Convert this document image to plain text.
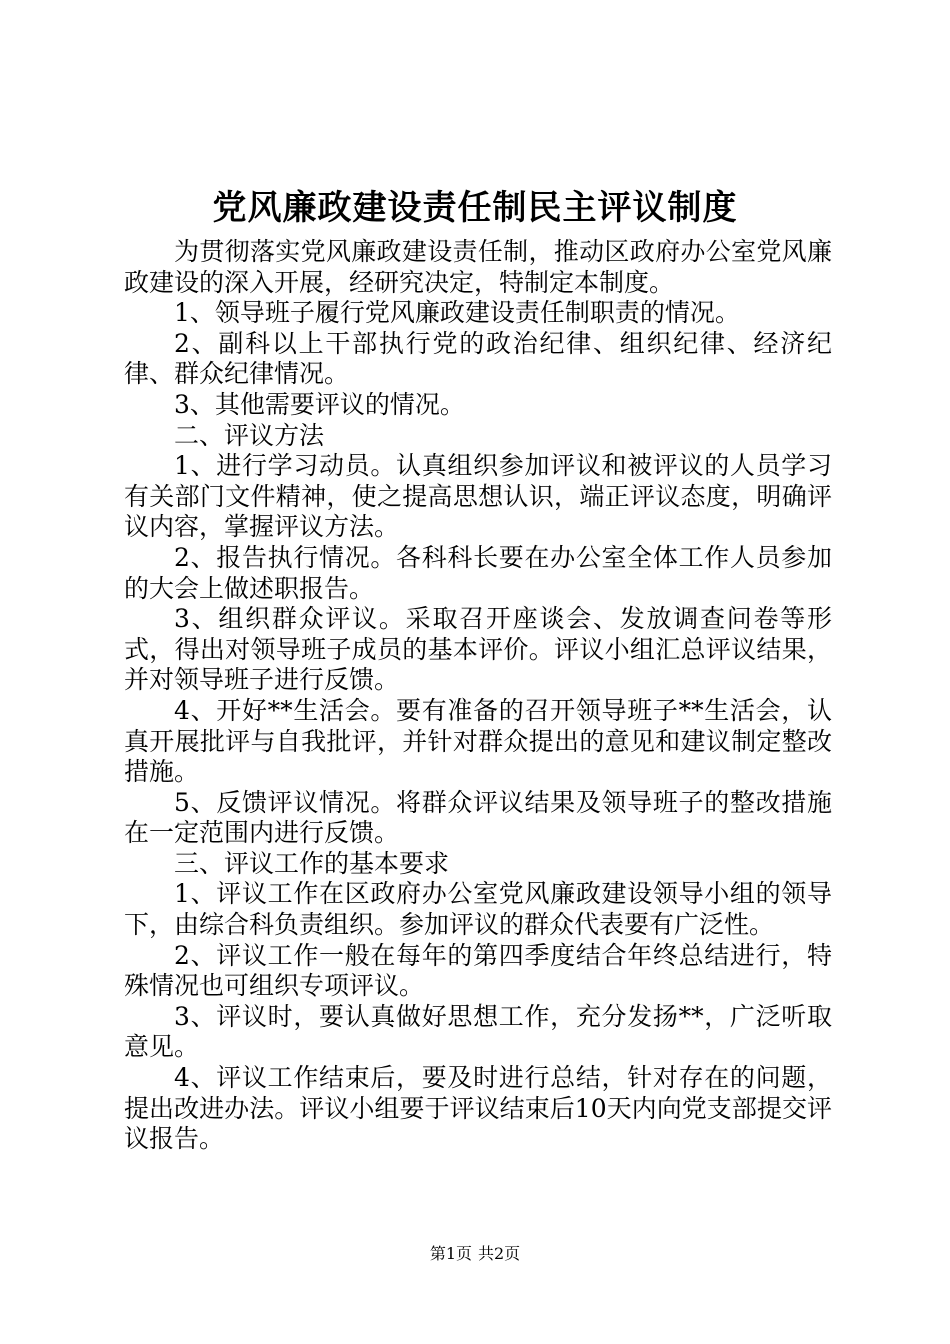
党风廉政建设责任制民主评议制度

为贯彻落实党风廉政建设责任制，推动区政府办公室党风廉政建设的深入开展，经研究决定，特制定本制度。

1、领导班子履行党风廉政建设责任制职责的情况。

2、副科以上干部执行党的政治纪律、组织纪律、经济纪律、群众纪律情况。

3、其他需要评议的情况。

二、评议方法

1、进行学习动员。认真组织参加评议和被评议的人员学习有关部门文件精神，使之提高思想认识，端正评议态度，明确评议内容，掌握评议方法。

2、报告执行情况。各科科长要在办公室全体工作人员参加的大会上做述职报告。

3、组织群众评议。采取召开座谈会、发放调查问卷等形式，得出对领导班子成员的基本评价。评议小组汇总评议结果，并对领导班子进行反馈。

4、开好**生活会。要有准备的召开领导班子**生活会，认真开展批评与自我批评，并针对群众提出的意见和建议制定整改措施。

5、反馈评议情况。将群众评议结果及领导班子的整改措施在一定范围内进行反馈。

三、评议工作的基本要求

1、评议工作在区政府办公室党风廉政建设领导小组的领导下，由综合科负责组织。参加评议的群众代表要有广泛性。

2、评议工作一般在每年的第四季度结合年终总结进行，特殊情况也可组织专项评议。

3、评议时，要认真做好思想工作，充分发扬**，广泛听取意见。

4、评议工作结束后，要及时进行总结，针对存在的问题，提出改进办法。评议小组要于评议结束后10天内向党支部提交评议报告。

第1页 共2页
